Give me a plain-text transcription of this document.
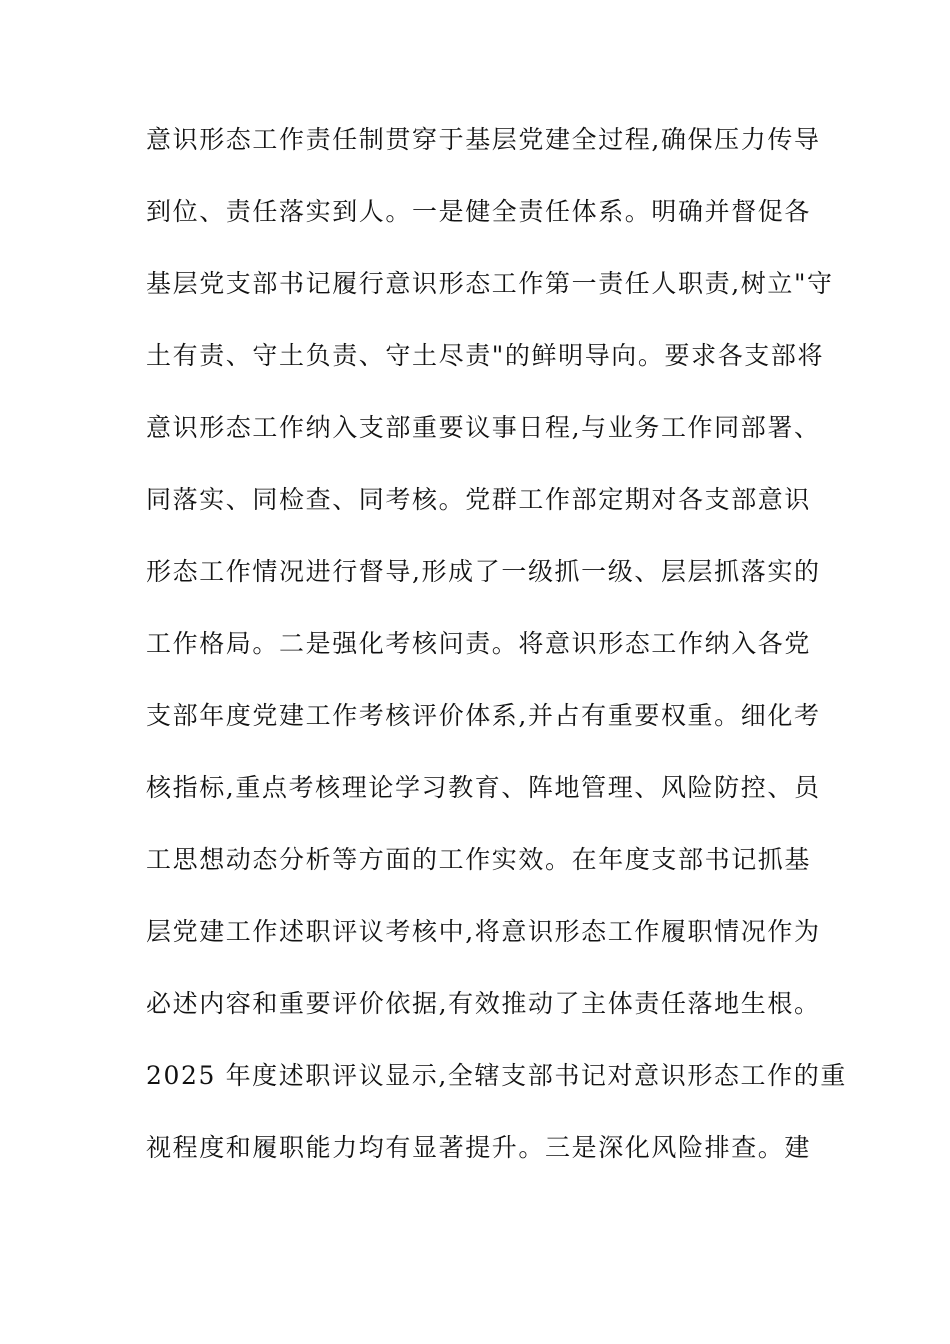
意识形态工作责任制贯穿于基层党建全过程,确保压力传导
到位、责任落实到人。一是健全责任体系。明确并督促各
基层党支部书记履行意识形态工作第一责任人职责,树立"守
土有责、守土负责、守土尽责"的鲜明导向。要求各支部将
意识形态工作纳入支部重要议事日程,与业务工作同部署、
同落实、同检查、同考核。党群工作部定期对各支部意识
形态工作情况进行督导,形成了一级抓一级、层层抓落实的
工作格局。二是强化考核问责。将意识形态工作纳入各党
支部年度党建工作考核评价体系,并占有重要权重。细化考
核指标,重点考核理论学习教育、阵地管理、风险防控、员
工思想动态分析等方面的工作实效。在年度支部书记抓基
层党建工作述职评议考核中,将意识形态工作履职情况作为
必述内容和重要评价依据,有效推动了主体责任落地生根。
2025 年度述职评议显示,全辖支部书记对意识形态工作的重
视程度和履职能力均有显著提升。三是深化风险排查。建
